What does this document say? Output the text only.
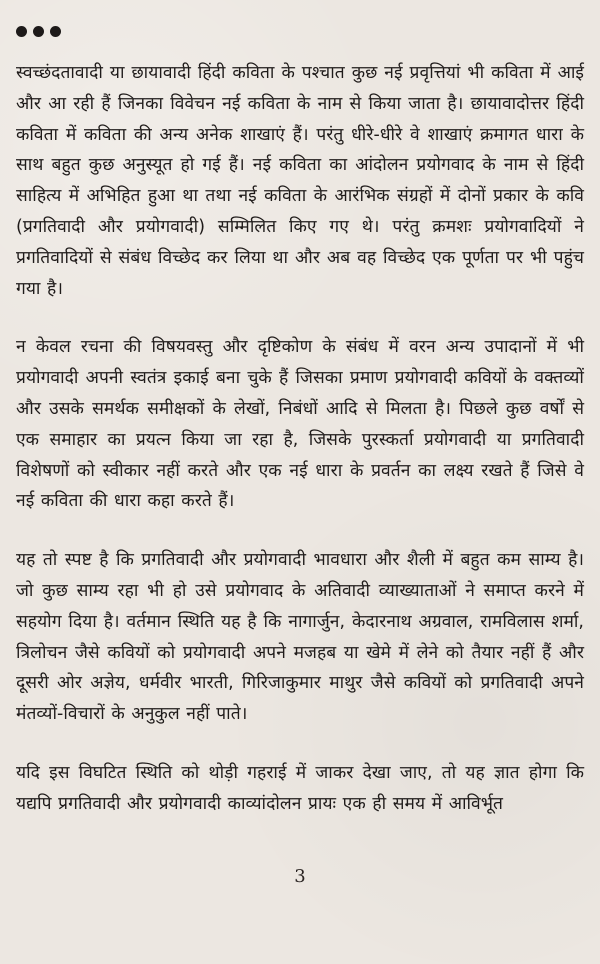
स्वच्छंदतावादी या छायावादी हिंदी कविता के पश्चात कुछ नई प्रवृत्तियां भी कविता में आई और आ रही हैं जिनका विवेचन नई कविता के नाम से किया जाता है। छायावादोत्तर हिंदी कविता में कविता की अन्य अनेक शाखाएं हैं। परंतु धीरे-धीरे वे शाखाएं क्रमागत धारा के साथ बहुत कुछ अनुस्यूत हो गई हैं। नई कविता का आंदोलन प्रयोगवाद के नाम से हिंदी साहित्य में अभिहित हुआ था तथा नई कविता के आरंभिक संग्रहों में दोनों प्रकार के कवि (प्रगतिवादी और प्रयोगवादी) सम्मिलित किए गए थे। परंतु क्रमशः प्रयोगवादियों ने प्रगतिवादियों से संबंध विच्छेद कर लिया था और अब वह विच्छेद एक पूर्णता पर भी पहुंच गया है।

न केवल रचना की विषयवस्तु और दृष्टिकोण के संबंध में वरन अन्य उपादानों में भी प्रयोगवादी अपनी स्वतंत्र इकाई बना चुके हैं जिसका प्रमाण प्रयोगवादी कवियों के वक्तव्यों और उसके समर्थक समीक्षकों के लेखों, निबंधों आदि से मिलता है। पिछले कुछ वर्षों से एक समाहार का प्रयत्न किया जा रहा है, जिसके पुरस्कर्ता प्रयोगवादी या प्रगतिवादी विशेषणों को स्वीकार नहीं करते और एक नई धारा के प्रवर्तन का लक्ष्य रखते हैं जिसे वे नई कविता की धारा कहा करते हैं।

यह तो स्पष्ट है कि प्रगतिवादी और प्रयोगवादी भावधारा और शैली में बहुत कम साम्य है। जो कुछ साम्य रहा भी हो उसे प्रयोगवाद के अतिवादी व्याख्याताओं ने समाप्त करने में सहयोग दिया है। वर्तमान स्थिति यह है कि नागार्जुन, केदारनाथ अग्रवाल, रामविलास शर्मा, त्रिलोचन जैसे कवियों को प्रयोगवादी अपने मजहब या खेमे में लेने को तैयार नहीं हैं और दूसरी ओर अज्ञेय, धर्मवीर भारती, गिरिजाकुमार माथुर जैसे कवियों को प्रगतिवादी अपने मंतव्यों-विचारों के अनुकुल नहीं पाते।

यदि इस विघटित स्थिति को थोड़ी गहराई में जाकर देखा जाए, तो यह ज्ञात होगा कि यद्यपि प्रगतिवादी और प्रयोगवादी काव्यांदोलन प्रायः एक ही समय में आविर्भूत

3
